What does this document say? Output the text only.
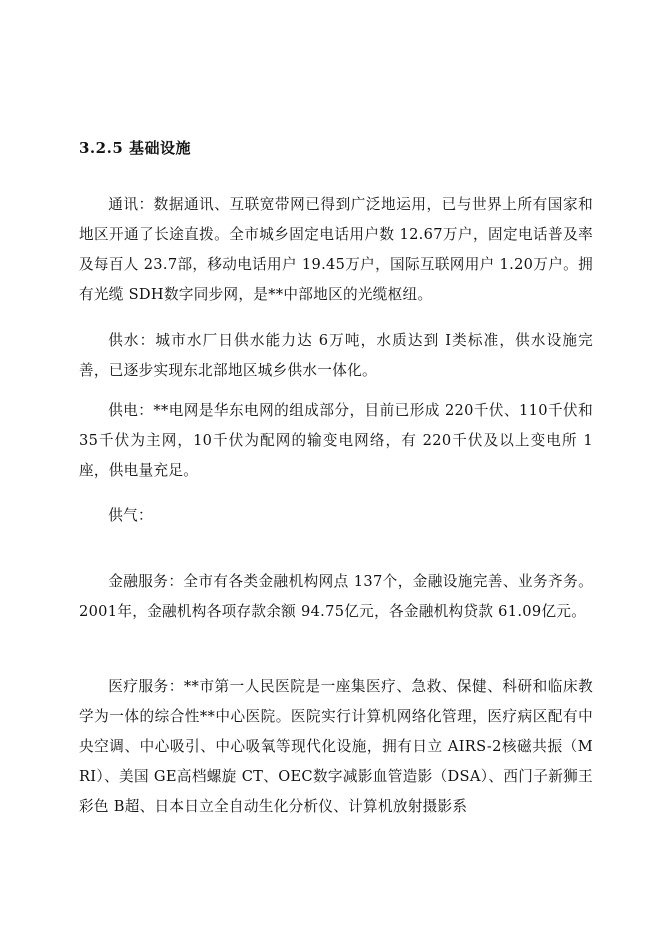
3.2.5 基础设施

通讯：数据通讯、互联宽带网已得到广泛地运用，已与世界上所有国家和地区开通了长途直拨。全市城乡固定电话用户数 12.67万户，固定电话普及率及每百人 23.7部，移动电话用户 19.45万户，国际互联网用户 1.20万户。拥有光缆 SDH数字同步网，是**中部地区的光缆枢纽。

供水：城市水厂日供水能力达 6万吨，水质达到 I类标准，供水设施完善，已逐步实现东北部地区城乡供水一体化。

供电：**电网是华东电网的组成部分，目前已形成 220千伏、110千伏和 35千伏为主网，10千伏为配网的输变电网络，有 220千伏及以上变电所 1座，供电量充足。

供气：

金融服务：全市有各类金融机构网点 137个，金融设施完善、业务齐务。2001年，金融机构各项存款余额 94.75亿元，各金融机构贷款 61.09亿元。

医疗服务：**市第一人民医院是一座集医疗、急救、保健、科研和临床教学为一体的综合性**中心医院。医院实行计算机网络化管理，医疗病区配有中央空调、中心吸引、中心吸氧等现代化设施，拥有日立 AIRS-2核磁共振（MRI）、美国 GE高档螺旋 CT、OEC数字减影血管造影（DSA）、西门子新狮王彩色 B超、日本日立全自动生化分析仪、计算机放射摄影系
